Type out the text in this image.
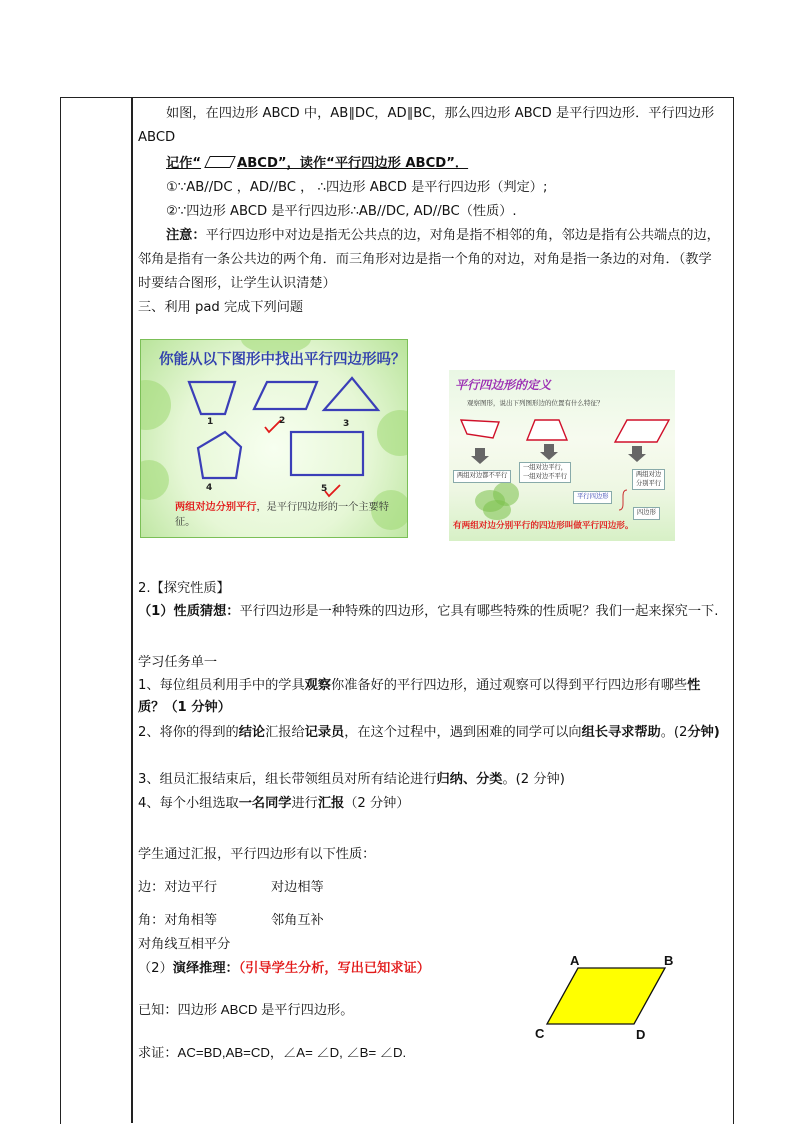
如图，在四边形 ABCD 中，AB∥DC，AD∥BC，那么四边形 ABCD 是平行四边形．平行四边形

ABCD

记作“	ABCD”，读作“平行四边形 ABCD”．

①∵AB//DC ，AD//BC ， ∴四边形 ABCD 是平行四边形（判定）;

②∵四边形 ABCD 是平行四边形∴AB//DC, AD//BC（性质）.

注意：平行四边形中对边是指无公共点的边，对角是指不相邻的角，邻边是指有公共端点的边，邻角是指有一条公共边的两个角．而三角形对边是指一个角的对边，对角是指一条边的对角．（教学时要结合图形，让学生认识清楚）

三、利用 pad 完成下列问题

你能从以下图形中找出平行四边形吗？
1	2	3
4	5
两组对边分别平行，是平行四边形的一个主要特征。
平行四边形的定义
观察图形，说出下列图形边的位置有什么特征？
两组对边都不平行
一组对边平行，
一组对边不平行	两组对边
分别平行
平行四边形
四边形
有两组对边分别平行的四边形叫做平行四边形。
2.【探究性质】
（1）性质猜想：平行四边形是一种特殊的四边形，它具有哪些特殊的性质呢？我们一起来探究一下.
学习任务单一
1、每位组员利用手中的学具观察你准备好的平行四边形，通过观察可以得到平行四边形有哪些性质？（1 分钟）
2、将你的得到的结论汇报给记录员，在这个过程中，遇到困难的同学可以向组长寻求帮助。(2分钟)
3、组员汇报结束后，组长带领组员对所有结论进行归纳、分类。(2 分钟)
4、每个小组选取一名同学进行汇报（2 分钟）
学生通过汇报，平行四边形有以下性质：
边：对边平行	对边相等
角：对角相等	邻角互补
对角线互相平分
（2）演绎推理：（引导学生分析，写出已知求证）
已知：四边形 ABCD 是平行四边形。
求证：AC=BD,AB=CD，∠A= ∠D, ∠B= ∠D.
A	B
C	D
